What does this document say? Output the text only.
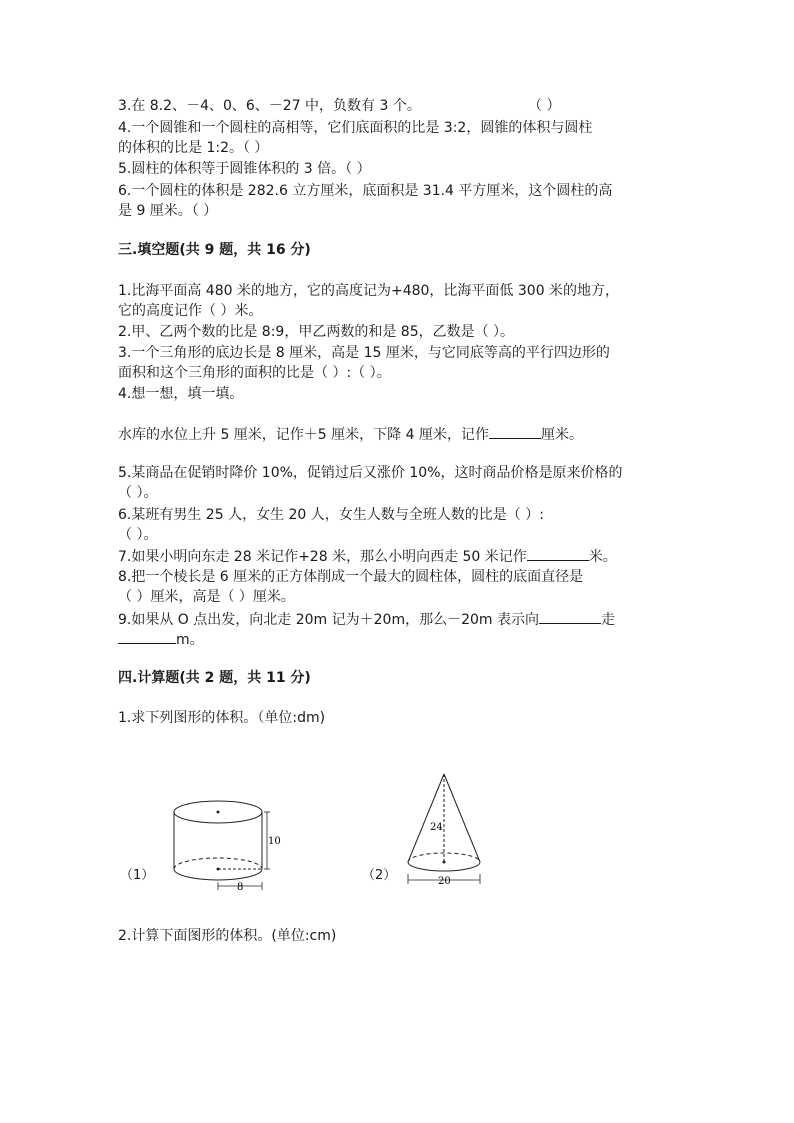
3.在 8.2、－4、0、6、－27 中，负数有 3 个。	（ ）
4.一个圆锥和一个圆柱的高相等，它们底面积的比是 3:2，圆锥的体积与圆柱
的体积的比是 1:2。（ ）
5.圆柱的体积等于圆锥体积的 3 倍。（ ）
6.一个圆柱的体积是 282.6 立方厘米，底面积是 31.4 平方厘米，这个圆柱的高
是 9 厘米。（ ）
三.填空题(共 9 题，共 16 分)
1.比海平面高 480 米的地方，它的高度记为+480，比海平面低 300 米的地方，
它的高度记作（ ）米。
2.甲、乙两个数的比是 8:9，甲乙两数的和是 85，乙数是（ ）。
3.一个三角形的底边长是 8 厘米，高是 15 厘米，与它同底等高的平行四边形的
面积和这个三角形的面积的比是（ ）:（ ）。
4.想一想，填一填。
水库的水位上升 5 厘米，记作＋5 厘米，下降 4 厘米，记作	厘米。
5.某商品在促销时降价 10%，促销过后又涨价 10%，这时商品价格是原来价格的
（ ）。
6.某班有男生 25 人，女生 20 人，女生人数与全班人数的比是（ ）:
（ ）。
7.如果小明向东走 28 米记作+28 米，那么小明向西走 50 米记作	米。
8.把一个棱长是 6 厘米的正方体削成一个最大的圆柱体，圆柱的底面直径是
（ ）厘米，高是（ ）厘米。
9.如果从 O 点出发，向北走 20m 记为＋20m，那么－20m 表示向	走
m。
四.计算题(共 2 题，共 11 分)
1.求下列图形的体积。（单位:dm)
（1）
10
8
（2）
24
20
2.计算下面图形的体积。(单位:cm)
